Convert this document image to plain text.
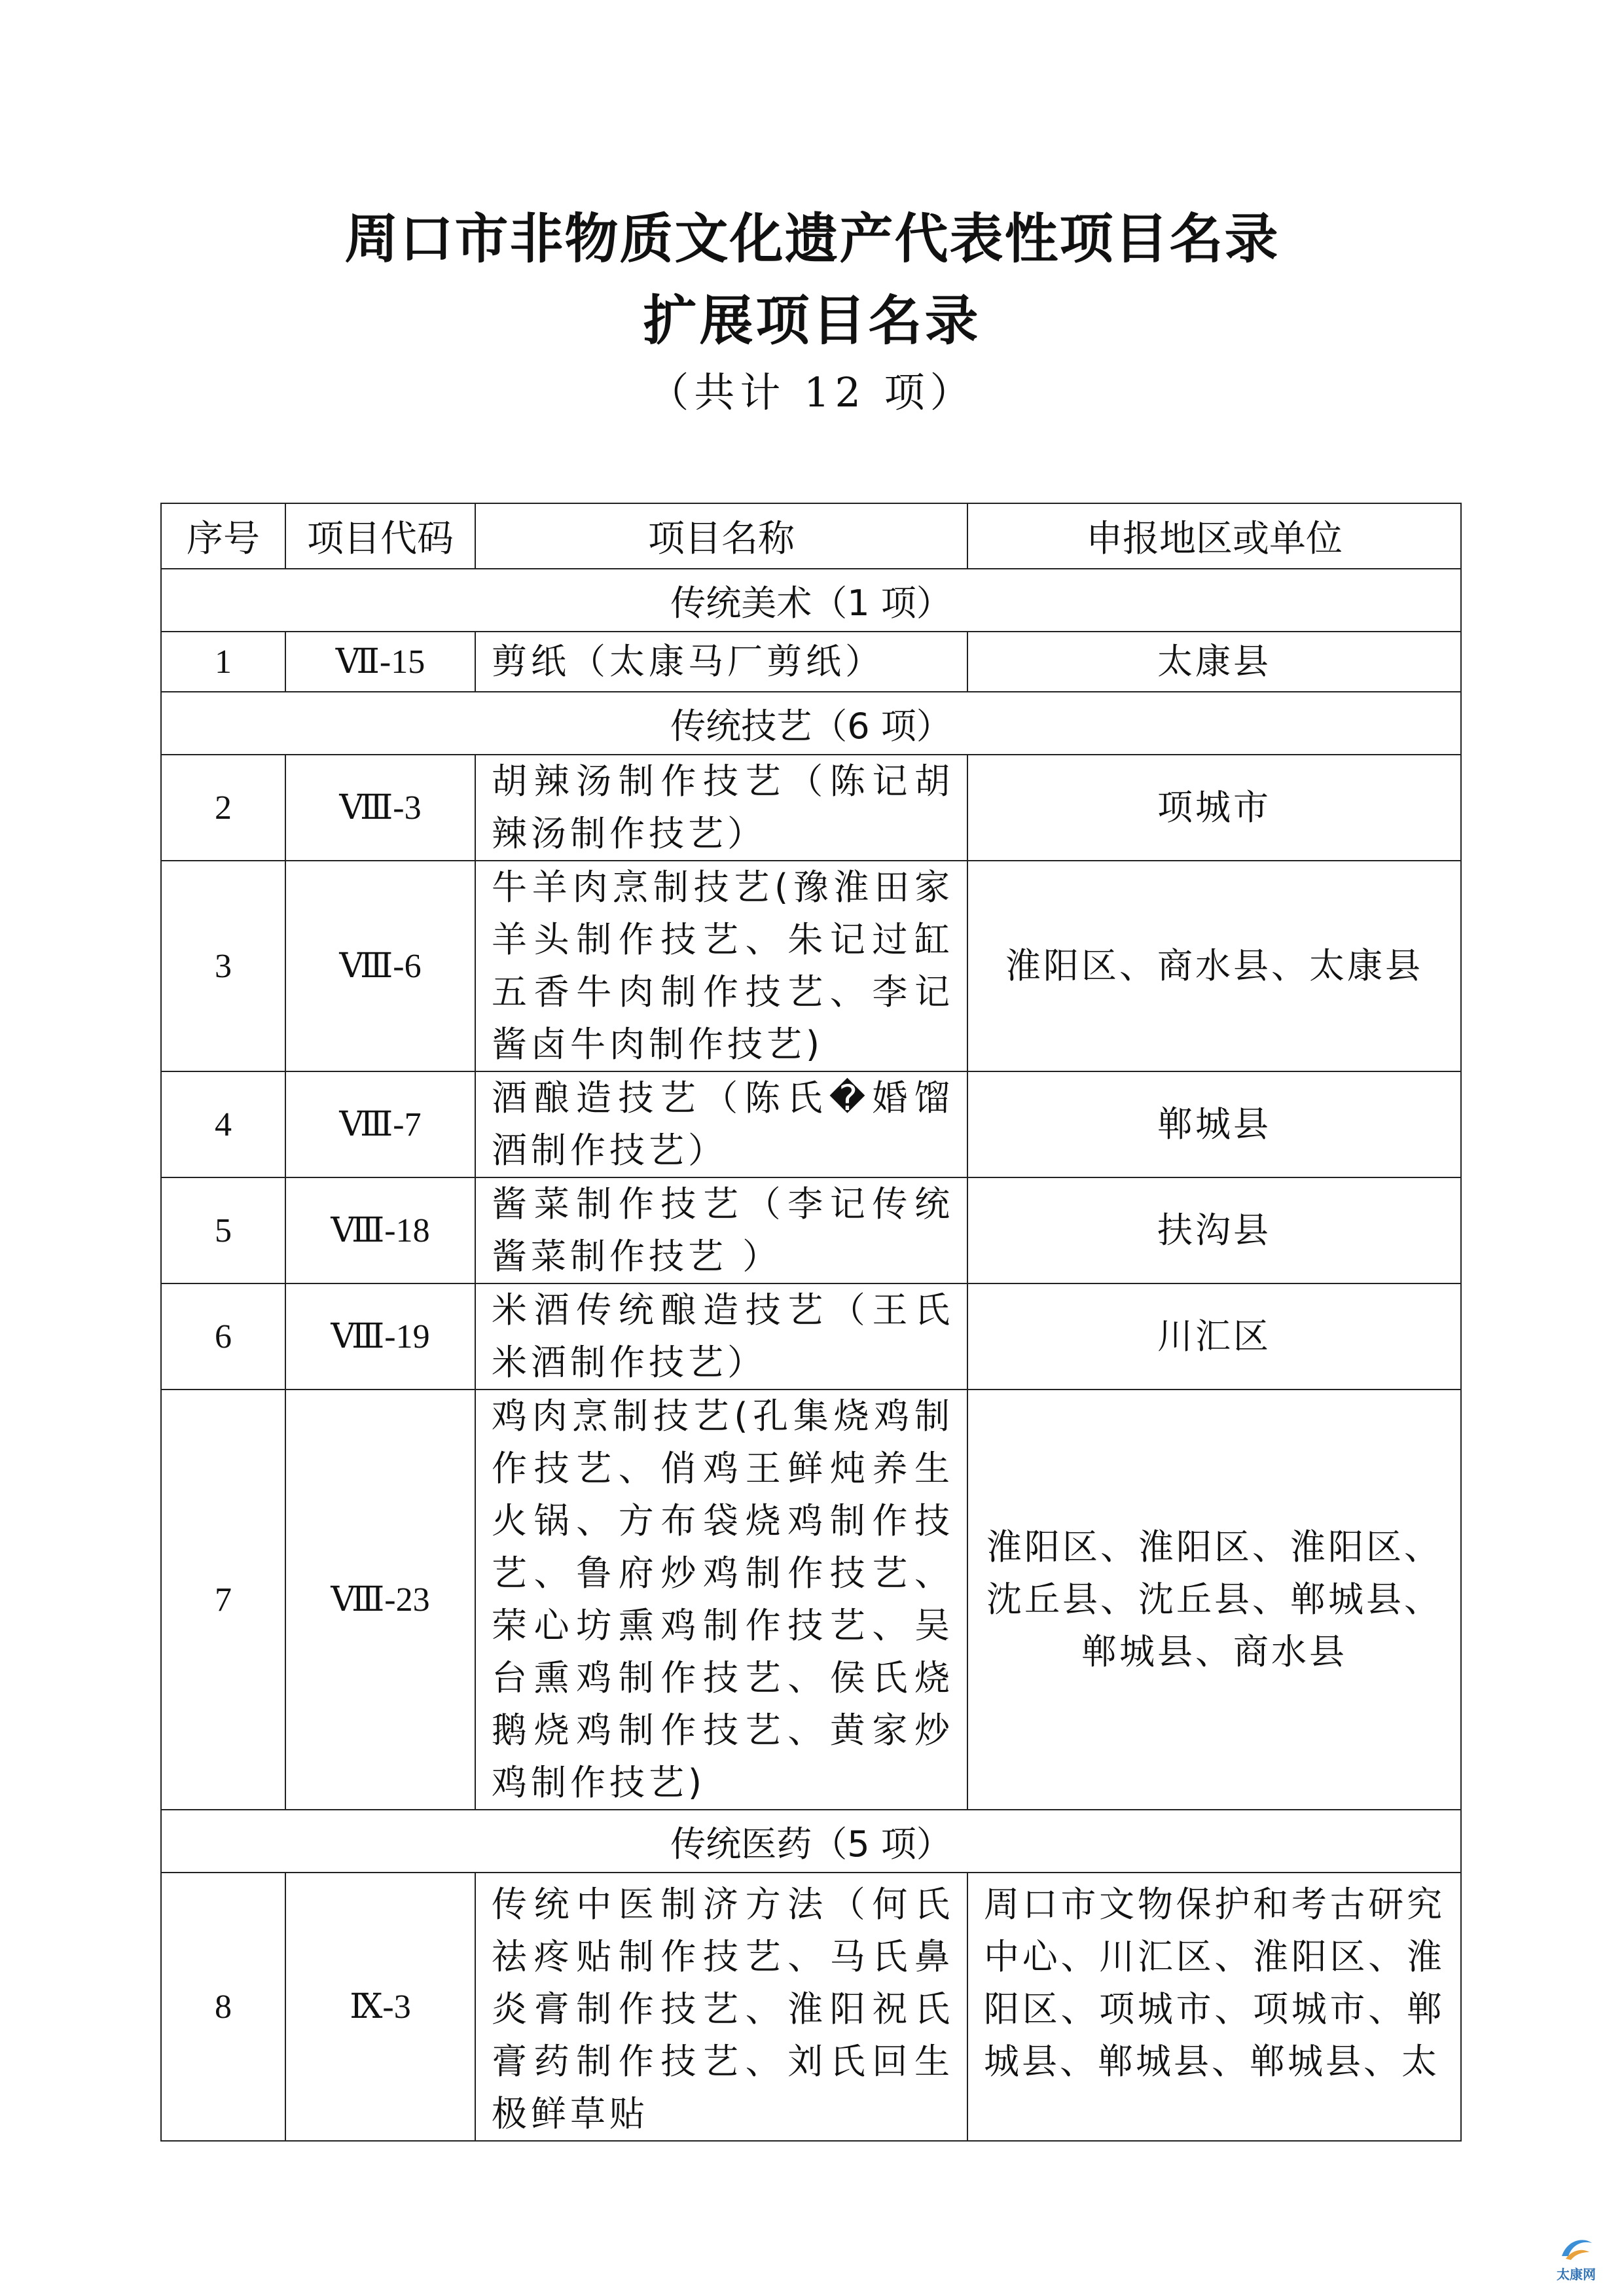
周口市非物质文化遗产代表性项目名录
扩展项目名录
（共计 12 项）
序号	项目代码	项目名称	申报地区或单位
传统美术（1 项）			
1	Ⅶ-15	剪纸（太康马厂剪纸）	太康县
传统技艺（6 项）			
2	Ⅷ-3	胡辣汤制作技艺（陈记胡辣汤制作技艺）	项城市
3	Ⅷ-6	牛羊肉烹制技艺(豫淮田家羊头制作技艺、朱记过缸五香牛肉制作技艺、李记酱卤牛肉制作技艺)	淮阳区、商水县、太康县
4	Ⅷ-7	酒酿造技艺（陈氏�婚馏酒制作技艺）	郸城县
5	Ⅷ-18	酱菜制作技艺（李记传统酱菜制作技艺 ）	扶沟县
6	Ⅷ-19	米酒传统酿造技艺（王氏米酒制作技艺）	川汇区
7	Ⅷ-23	鸡肉烹制技艺(孔集烧鸡制作技艺、俏鸡王鲜炖养生火锅、方布袋烧鸡制作技艺、鲁府炒鸡制作技艺、荣心坊熏鸡制作技艺、吴台熏鸡制作技艺、侯氏烧鹅烧鸡制作技艺、黄家炒鸡制作技艺)	淮阳区、淮阳区、淮阳区、沈丘县、沈丘县、郸城县、郸城县、商水县
传统医药（5 项）			
8	Ⅸ-3	传统中医制济方法（何氏祛疼贴制作技艺、马氏鼻炎膏制作技艺、淮阳祝氏膏药制作技艺、刘氏回生极鲜草贴	周口市文物保护和考古研究中心、川汇区、淮阳区、淮阳区、项城市、项城市、郸城县、郸城县、郸城县、太
太康网
